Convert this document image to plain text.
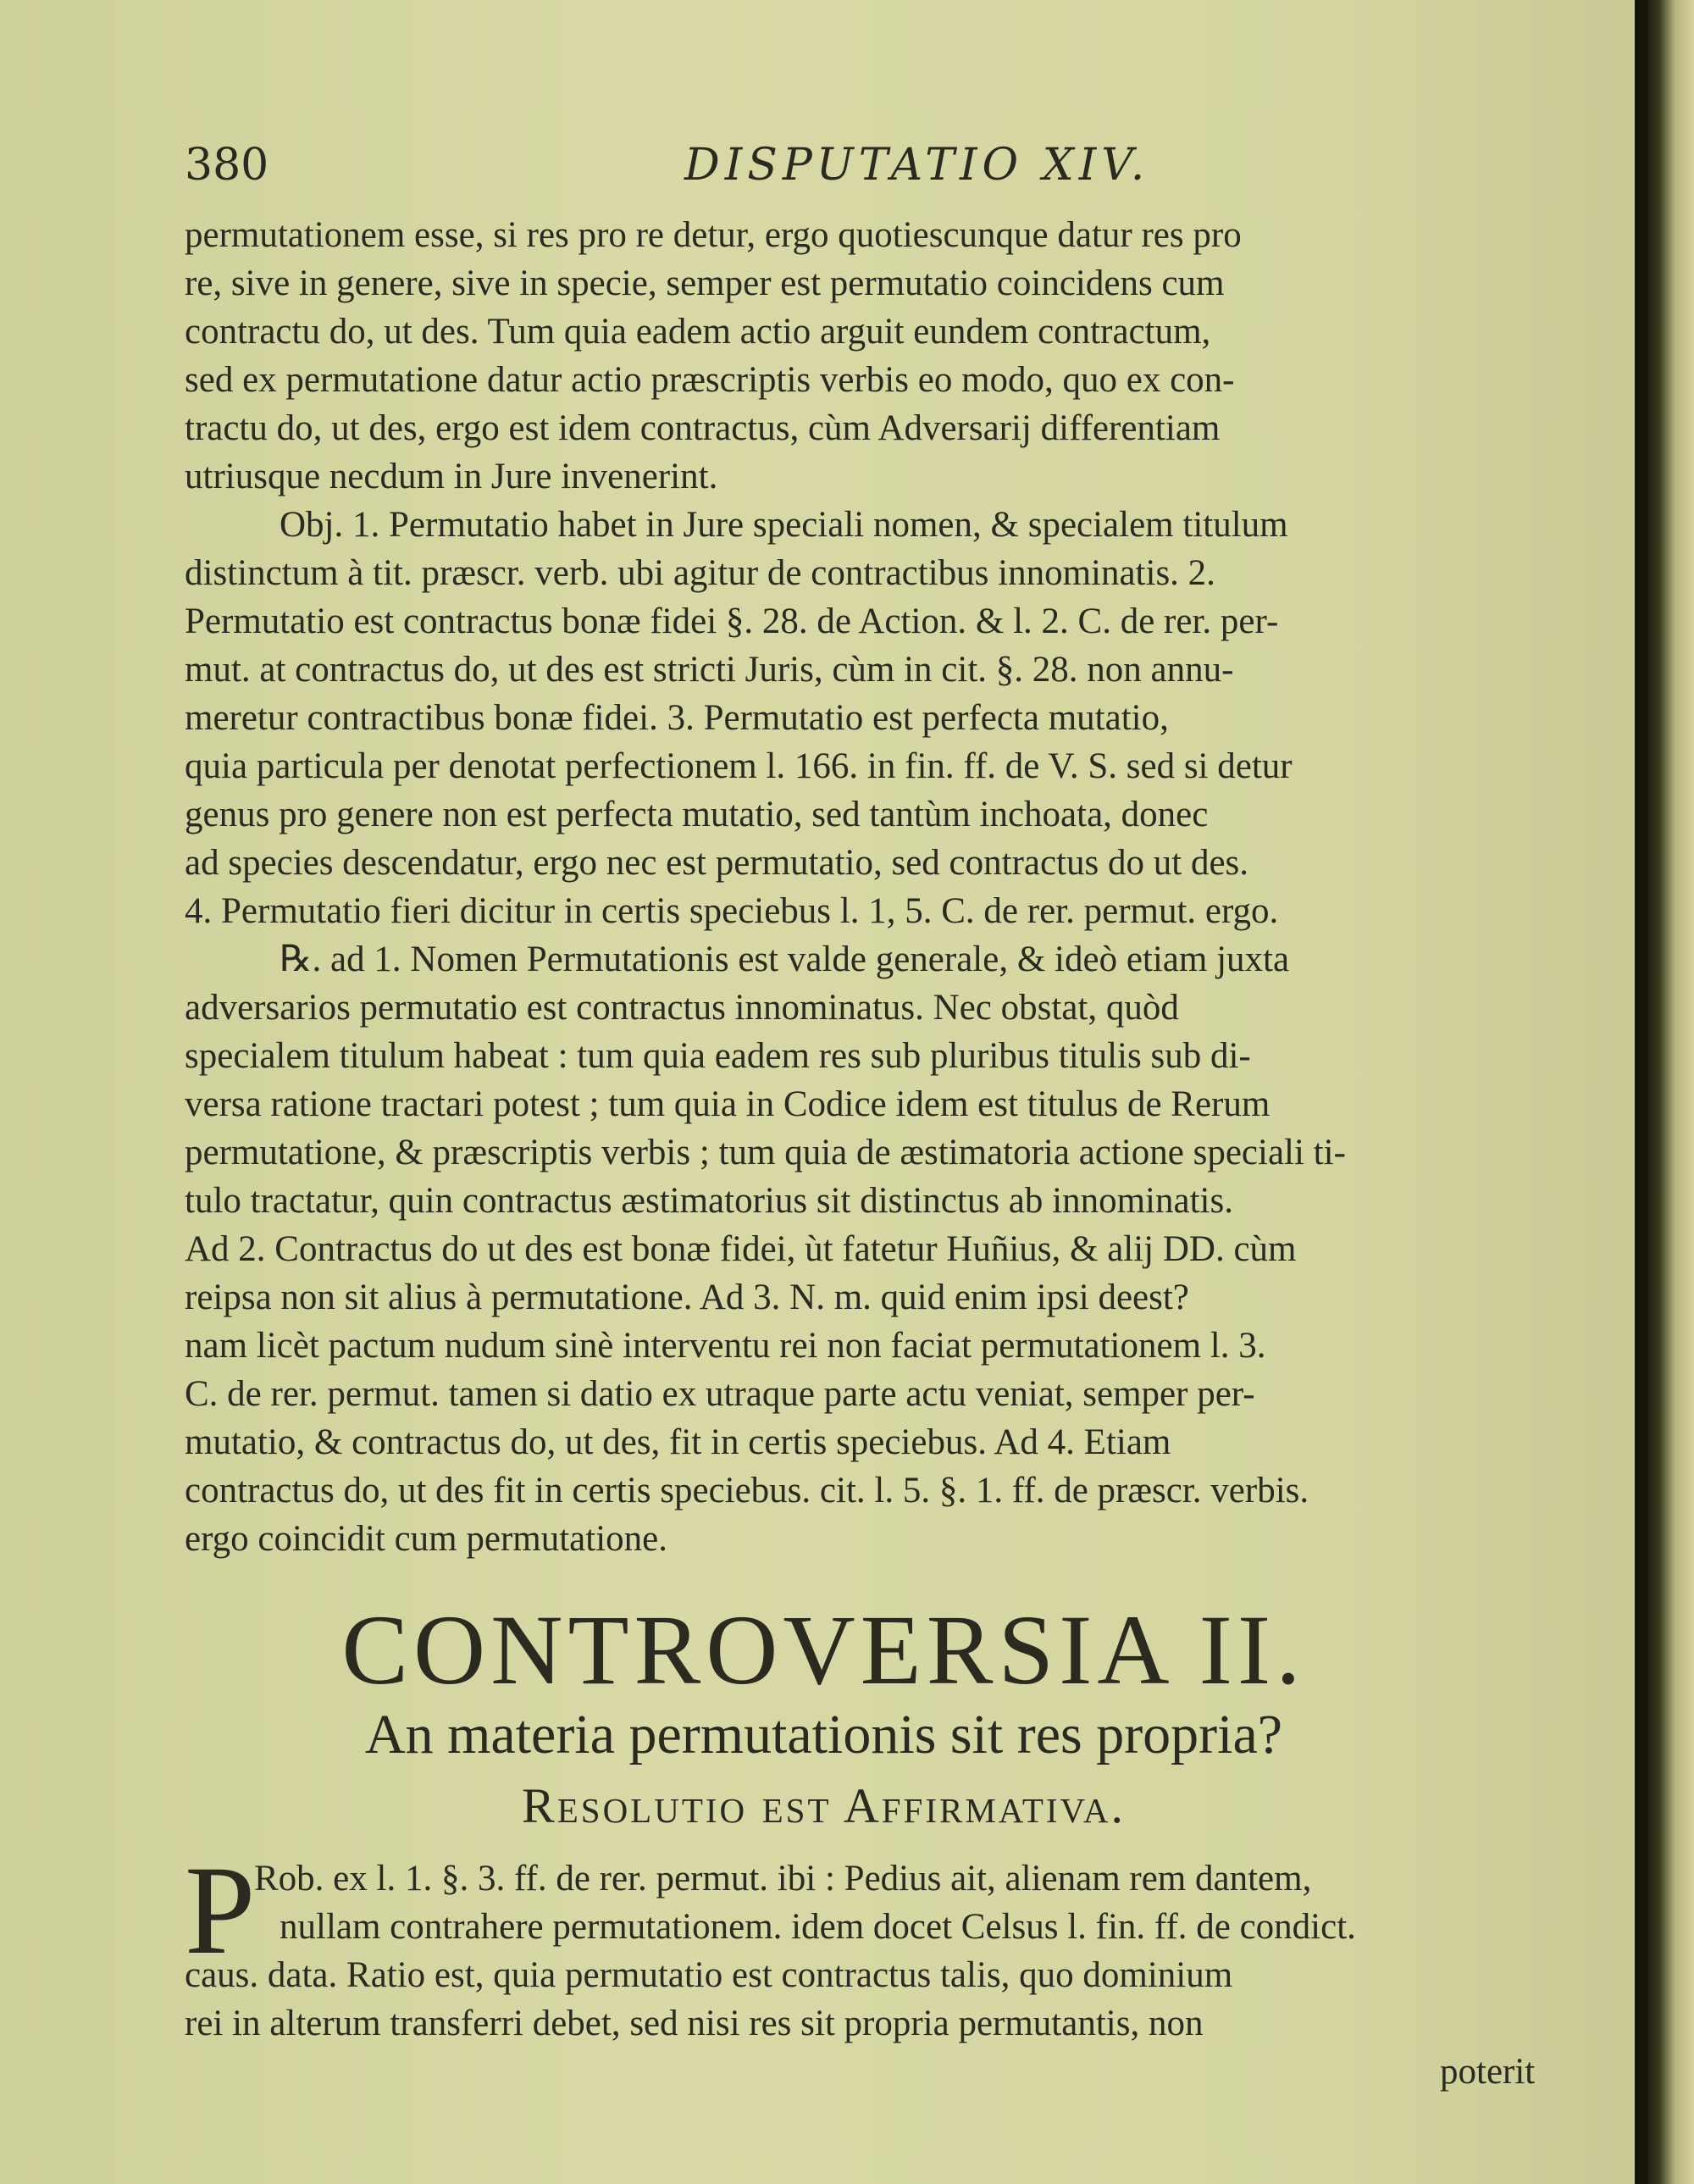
380	DISPUTATIO XIV.
permutationem esse, si res pro re detur, ergo quotiescunque datur res pro
re, sive in genere, sive in specie, semper est permutatio coincidens cum
contractu do, ut des. Tum quia eadem actio arguit eundem contractum,
sed ex permutatione datur actio præscriptis verbis eo modo, quo ex con-
tractu do, ut des, ergo est idem contractus, cùm Adversarij differentiam
utriusque necdum in Jure invenerint.
Obj. 1. Permutatio habet in Jure speciali nomen, & specialem titulum
distinctum à tit. præscr. verb. ubi agitur de contractibus innominatis. 2.
Permutatio est contractus bonæ fidei §. 28. de Action. & l. 2. C. de rer. per-
mut. at contractus do, ut des est stricti Juris, cùm in cit. §. 28. non annu-
meretur contractibus bonæ fidei. 3. Permutatio est perfecta mutatio,
quia particula per denotat perfectionem l. 166. in fin. ff. de V. S. sed si detur
genus pro genere non est perfecta mutatio, sed tantùm inchoata, donec
ad species descendatur, ergo nec est permutatio, sed contractus do ut des.
4. Permutatio fieri dicitur in certis speciebus l. 1, 5. C. de rer. permut. ergo.
℞. ad 1. Nomen Permutationis est valde generale, & ideò etiam juxta
adversarios permutatio est contractus innominatus. Nec obstat, quòd
specialem titulum habeat : tum quia eadem res sub pluribus titulis sub di-
versa ratione tractari potest ; tum quia in Codice idem est titulus de Rerum
permutatione, & præscriptis verbis ; tum quia de æstimatoria actione speciali ti-
tulo tractatur, quin contractus æstimatorius sit distinctus ab innominatis.
Ad 2. Contractus do ut des est bonæ fidei, ùt fatetur Huñius, & alij DD. cùm
reipsa non sit alius à permutatione. Ad 3. N. m. quid enim ipsi deest?
nam licèt pactum nudum sinè interventu rei non faciat permutationem l. 3.
C. de rer. permut. tamen si datio ex utraque parte actu veniat, semper per-
mutatio, & contractus do, ut des, fit in certis speciebus. Ad 4. Etiam
contractus do, ut des fit in certis speciebus. cit. l. 5. §. 1. ff. de præscr. verbis.
ergo coincidit cum permutatione.
CONTROVERSIA II.
An materia permutationis sit res propria?
Resolutio est Affirmativa.
P
Rob. ex l. 1. §. 3. ff. de rer. permut. ibi : Pedius ait, alienam rem dantem,
nullam contrahere permutationem. idem docet Celsus l. fin. ff. de condict.
caus. data. Ratio est, quia permutatio est contractus talis, quo dominium
rei in alterum transferri debet, sed nisi res sit propria permutantis, non
poterit
